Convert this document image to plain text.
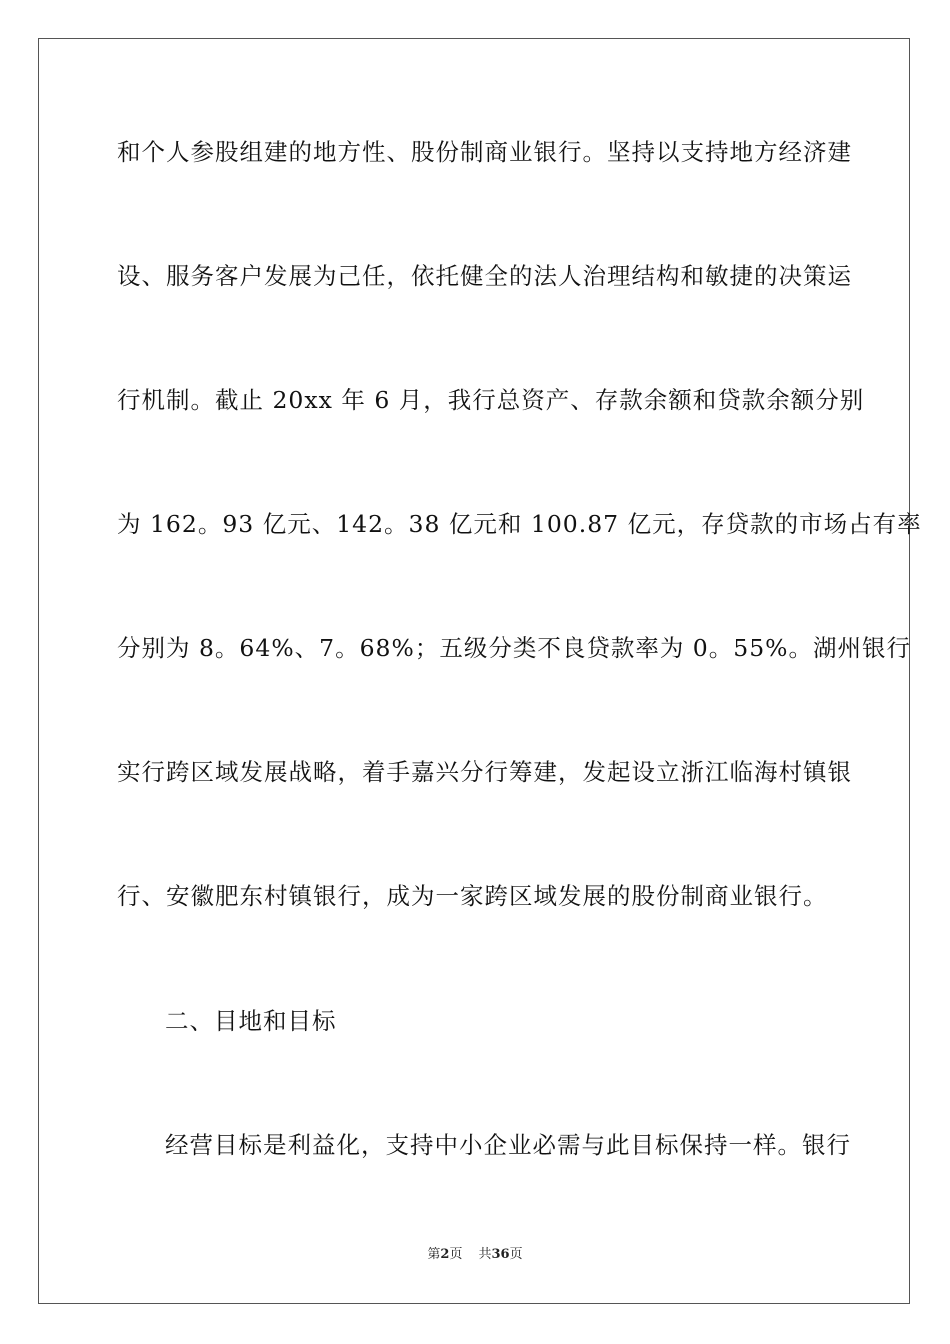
和个人参股组建的地方性、股份制商业银行。坚持以支持地方经济建
设、服务客户发展为己任，依托健全的法人治理结构和敏捷的决策运
行机制。截止 20xx 年 6 月，我行总资产、存款余额和贷款余额分别
为 162。93 亿元、142。38 亿元和 100.87 亿元，存贷款的市场占有率
分别为 8。64%、7。68%；五级分类不良贷款率为 0。55%。湖州银行
实行跨区域发展战略，着手嘉兴分行筹建，发起设立浙江临海村镇银
行、安徽肥东村镇银行，成为一家跨区域发展的股份制商业银行。
二、目地和目标
经营目标是利益化，支持中小企业必需与此目标保持一样。银行
第2页 共36页
